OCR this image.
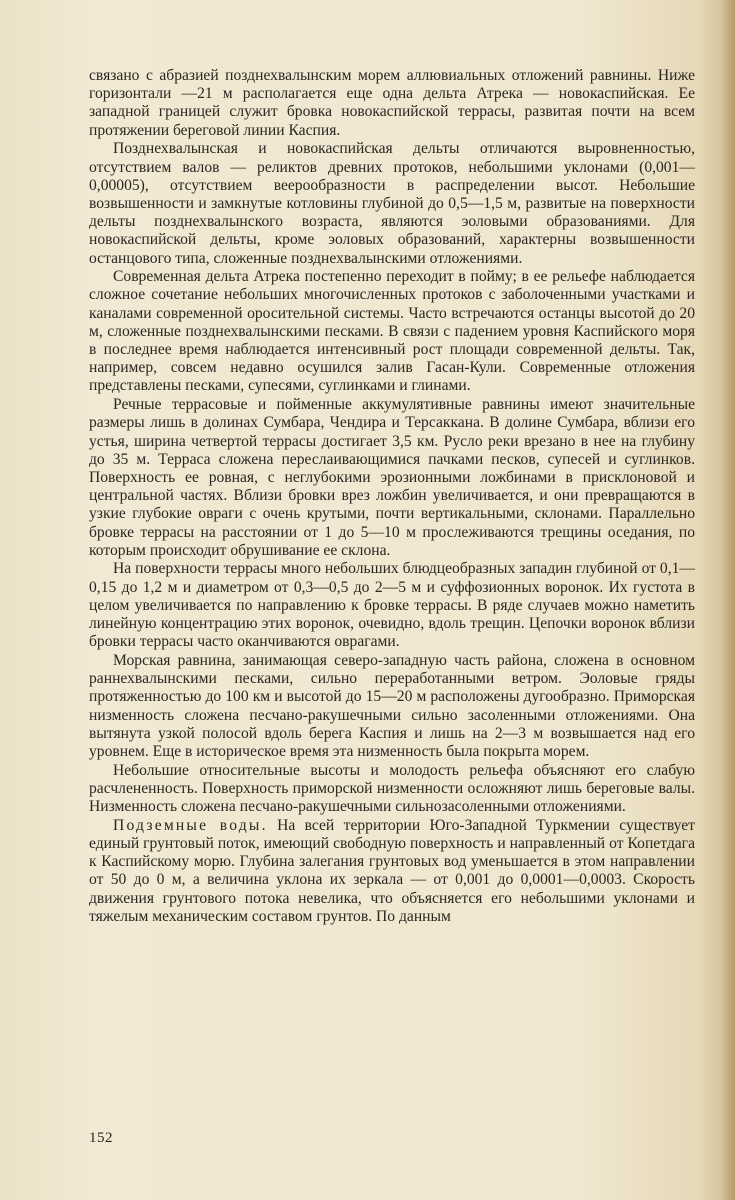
связано с абразией позднехвалынским морем аллювиальных отложений равнины. Ниже горизонтали —21 м располагается еще одна дельта Атрека — новокаспийская. Ее западной границей служит бровка новокаспийской террасы, развитая почти на всем протяжении береговой линии Каспия.

Позднехвалынская и новокаспийская дельты отличаются выровненностью, отсутствием валов — реликтов древних протоков, небольшими уклонами (0,001—0,00005), отсутствием веерообразности в распределении высот. Небольшие возвышенности и замкнутые котловины глубиной до 0,5—1,5 м, развитые на поверхности дельты позднехвалынского возраста, являются эоловыми образованиями. Для новокаспийской дельты, кроме эоловых образований, характерны возвышенности останцового типа, сложенные позднехвалынскими отложениями.

Современная дельта Атрека постепенно переходит в пойму; в ее рельефе наблюдается сложное сочетание небольших многочисленных протоков с заболоченными участками и каналами современной оросительной системы. Часто встречаются останцы высотой до 20 м, сложенные позднехвалынскими песками. В связи с падением уровня Каспийского моря в последнее время наблюдается интенсивный рост площади современной дельты. Так, например, совсем недавно осушился залив Гасан-Кули. Современные отложения представлены песками, супесями, суглинками и глинами.

Речные террасовые и пойменные аккумулятивные равнины имеют значительные размеры лишь в долинах Сумбара, Чендира и Терсаккана. В долине Сумбара, вблизи его устья, ширина четвертой террасы достигает 3,5 км. Русло реки врезано в нее на глубину до 35 м. Терраса сложена переслаивающимися пачками песков, супесей и суглинков. Поверхность ее ровная, с неглубокими эрозионными ложбинами в присклоновой и центральной частях. Вблизи бровки врез ложбин увеличивается, и они превращаются в узкие глубокие овраги с очень крутыми, почти вертикальными, склонами. Параллельно бровке террасы на расстоянии от 1 до 5—10 м прослеживаются трещины оседания, по которым происходит обрушивание ее склона.

На поверхности террасы много небольших блюдцеобразных западин глубиной от 0,1—0,15 до 1,2 м и диаметром от 0,3—0,5 до 2—5 м и суффозионных воронок. Их густота в целом увеличивается по направлению к бровке террасы. В ряде случаев можно наметить линейную концентрацию этих воронок, очевидно, вдоль трещин. Цепочки воронок вблизи бровки террасы часто оканчиваются оврагами.

Морская равнина, занимающая северо-западную часть района, сложена в основном раннехвалынскими песками, сильно переработанными ветром. Эоловые гряды протяженностью до 100 км и высотой до 15—20 м расположены дугообразно. Приморская низменность сложена песчано-ракушечными сильно засоленными отложениями. Она вытянута узкой полосой вдоль берега Каспия и лишь на 2—3 м возвышается над его уровнем. Еще в историческое время эта низменность была покрыта морем.

Небольшие относительные высоты и молодость рельефа объясняют его слабую расчлененность. Поверхность приморской низменности осложняют лишь береговые валы. Низменность сложена песчано-ракушечными сильнозасоленными отложениями.

Подземные воды. На всей территории Юго-Западной Туркмении существует единый грунтовый поток, имеющий свободную поверхность и направленный от Копетдага к Каспийскому морю. Глубина залегания грунтовых вод уменьшается в этом направлении от 50 до 0 м, а величина уклона их зеркала — от 0,001 до 0,0001—0,0003. Скорость движения грунтового потока невелика, что объясняется его небольшими уклонами и тяжелым механическим составом грунтов. По данным

152
